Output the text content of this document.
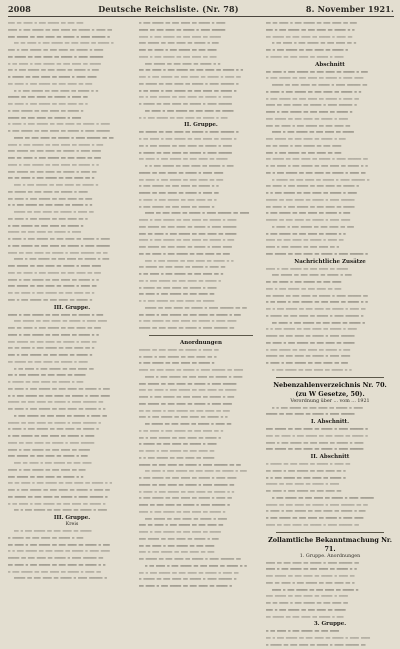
2008	Deutsche Reichsliste. (Nr. 78)	8. November 1921.
▬▬▬ ▬▬ ▬▬▬▬ ▬ ▬▬▬ ▬▬▬▬▬ ▬▬ ▬▬▬ ▬▬▬
▬▬▬▬ ▬ ▬▬▬ ▬▬▬▬▬ ▬▬ ▬▬▬ ▬▬▬▬ ▬▬ ▬▬▬▬▬ ▬ ▬▬▬▬ ▬▬
▬▬▬ ▬▬▬▬▬ ▬▬ ▬▬▬ ▬▬▬▬ ▬▬ ▬▬▬▬▬ ▬ ▬▬▬▬ ▬▬▬▬▬▬ ▬
▬▬ ▬▬ ▬▬▬▬ ▬ ▬▬▬ ▬▬▬▬▬ ▬▬ ▬▬▬ ▬▬▬▬ ▬▬ ▬▬▬▬▬ ▬
▬▬▬ ▬ ▬▬▬ ▬▬▬▬▬ ▬▬ ▬▬▬ ▬▬▬▬ ▬▬ ▬▬▬▬▬ ▬ ▬▬▬▬
▬▬ ▬▬▬▬▬ ▬▬ ▬▬▬ ▬▬▬▬ ▬▬ ▬▬▬▬▬ ▬ ▬▬▬▬ ▬▬▬▬▬▬
▬ ▬▬ ▬▬▬▬ ▬ ▬▬▬ ▬▬▬▬▬ ▬▬ ▬▬▬ ▬▬▬▬ ▬▬ ▬▬▬▬▬
▬▬ ▬ ▬▬▬ ▬▬▬▬▬ ▬▬ ▬▬▬ ▬▬▬▬ ▬▬ ▬▬▬▬▬ ▬ ▬▬▬
▬ ▬▬▬▬▬ ▬▬ ▬▬▬ ▬▬▬▬ ▬▬ ▬▬▬▬▬ ▬ ▬▬▬▬ ▬▬▬▬
▬▬ ▬▬▬▬ ▬ ▬▬▬ ▬▬▬▬▬ ▬▬ ▬▬▬ ▬▬▬▬ ▬▬ ▬▬▬
▬ ▬ ▬▬▬ ▬▬▬▬▬ ▬▬ ▬▬▬ ▬▬▬▬ ▬▬ ▬▬▬▬▬ ▬ ▬
▬▬▬▬▬ ▬▬ ▬▬▬ ▬▬▬▬ ▬▬ ▬▬▬▬▬ ▬ ▬▬▬▬ ▬▬
▬▬ ▬▬▬▬ ▬ ▬▬▬ ▬▬▬▬▬ ▬▬ ▬▬▬ ▬▬▬▬ ▬▬ ▬
▬ ▬▬▬ ▬▬▬▬▬ ▬▬ ▬▬▬ ▬▬▬▬ ▬▬ ▬▬▬▬▬ ▬
▬▬▬▬▬ ▬▬ ▬▬▬ ▬▬▬▬ ▬▬ ▬▬▬▬▬ ▬ ▬▬▬▬
▬ ▬▬▬▬ ▬ ▬▬▬ ▬▬▬▬▬ ▬▬ ▬▬▬ ▬▬▬▬ ▬▬ ▬▬▬▬▬ ▬ ▬▬▬▬
▬ ▬▬▬ ▬▬▬▬▬ ▬▬ ▬▬▬ ▬▬▬▬ ▬▬ ▬▬▬▬▬ ▬ ▬▬▬▬ ▬▬▬▬▬▬
▬▬▬▬ ▬▬ ▬▬▬ ▬▬▬▬ ▬▬ ▬▬▬▬▬ ▬ ▬▬▬▬ ▬▬▬▬▬▬ ▬▬ ▬▬
▬▬▬▬ ▬ ▬▬▬ ▬▬▬▬▬ ▬▬ ▬▬▬ ▬▬▬▬ ▬▬ ▬▬▬▬▬ ▬ ▬▬▬
▬▬▬ ▬▬▬▬▬ ▬▬ ▬▬▬ ▬▬▬▬ ▬▬ ▬▬▬▬▬ ▬ ▬▬▬▬ ▬▬▬▬
▬▬▬ ▬▬ ▬▬▬▬ ▬ ▬▬▬ ▬▬▬▬▬ ▬▬ ▬▬▬ ▬▬▬▬ ▬▬ ▬▬▬
▬▬▬▬ ▬ ▬▬▬ ▬▬▬▬▬ ▬▬ ▬▬▬ ▬▬▬▬ ▬▬ ▬▬▬▬▬ ▬ ▬
▬▬▬ ▬▬▬▬▬ ▬▬ ▬▬▬ ▬▬▬▬ ▬▬ ▬▬▬▬▬ ▬ ▬▬▬▬ ▬▬
▬▬ ▬▬ ▬▬▬▬ ▬ ▬▬▬ ▬▬▬▬▬ ▬▬ ▬▬▬ ▬▬▬▬ ▬▬ ▬
▬▬▬ ▬ ▬▬▬ ▬▬▬▬▬ ▬▬ ▬▬▬ ▬▬▬▬ ▬▬ ▬▬▬▬▬ ▬
▬▬ ▬▬▬▬▬ ▬▬ ▬▬▬ ▬▬▬▬ ▬▬ ▬▬▬▬▬ ▬ ▬▬▬▬
▬▬ ▬▬▬▬ ▬ ▬▬▬ ▬▬▬▬▬ ▬▬ ▬▬▬ ▬▬▬▬ ▬▬ ▬▬▬
▬ ▬ ▬▬▬ ▬▬▬▬▬ ▬▬ ▬▬▬ ▬▬▬▬ ▬▬ ▬▬▬▬▬ ▬ ▬
▬▬▬▬▬ ▬▬ ▬▬▬ ▬▬▬▬ ▬▬ ▬▬▬▬▬ ▬ ▬▬▬▬ ▬▬
▬▬ ▬▬▬▬ ▬ ▬▬▬ ▬▬▬▬▬ ▬▬ ▬▬▬ ▬▬▬▬ ▬▬ ▬
▬ ▬▬▬ ▬▬▬▬▬ ▬▬ ▬▬▬ ▬▬▬▬ ▬▬ ▬▬▬▬▬ ▬
▬▬▬▬▬ ▬▬ ▬▬▬ ▬▬▬▬ ▬▬ ▬▬▬▬▬ ▬ ▬▬▬▬
▬ ▬▬▬▬ ▬ ▬▬▬ ▬▬▬▬▬ ▬▬ ▬▬▬ ▬▬▬▬ ▬▬ ▬▬▬▬▬ ▬ ▬▬▬▬
▬ ▬▬▬ ▬▬▬▬▬ ▬▬ ▬▬▬ ▬▬▬▬ ▬▬ ▬▬▬▬▬ ▬ ▬▬▬▬ ▬▬▬▬▬▬
▬▬▬▬ ▬▬ ▬▬▬ ▬▬▬▬ ▬▬ ▬▬▬▬▬ ▬ ▬▬▬▬ ▬▬▬▬▬▬ ▬▬ ▬▬
▬▬▬▬ ▬ ▬▬▬ ▬▬▬▬▬ ▬▬ ▬▬▬ ▬▬▬▬ ▬▬ ▬▬▬▬▬ ▬ ▬▬▬
▬▬▬ ▬▬▬▬▬ ▬▬ ▬▬▬ ▬▬▬▬ ▬▬ ▬▬▬▬▬ ▬ ▬▬▬▬ ▬▬▬▬
▬▬▬ ▬▬ ▬▬▬▬ ▬ ▬▬▬ ▬▬▬▬▬ ▬▬ ▬▬▬ ▬▬▬▬ ▬▬ ▬▬▬
▬▬▬▬ ▬ ▬▬▬ ▬▬▬▬▬ ▬▬ ▬▬▬ ▬▬▬▬ ▬▬ ▬▬▬▬▬ ▬ ▬
▬▬▬ ▬▬▬▬▬ ▬▬ ▬▬▬ ▬▬▬▬ ▬▬ ▬▬▬▬▬ ▬ ▬▬▬▬ ▬▬
▬▬ ▬▬ ▬▬▬▬ ▬ ▬▬▬ ▬▬▬▬▬ ▬▬ ▬▬▬ ▬▬▬▬ ▬▬ ▬
▬▬▬ ▬ ▬▬▬ ▬▬▬▬▬ ▬▬ ▬▬▬ ▬▬▬▬ ▬▬ ▬▬▬▬▬ ▬
III. Gruppe.
▬▬▬▬ ▬ ▬▬▬ ▬▬▬▬▬ ▬▬ ▬▬▬ ▬▬▬▬ ▬▬ ▬▬▬▬▬ ▬ ▬▬▬
▬▬▬ ▬▬▬▬▬ ▬▬ ▬▬▬ ▬▬▬▬ ▬▬ ▬▬▬▬▬ ▬ ▬▬▬▬ ▬▬▬▬
▬▬▬ ▬▬ ▬▬▬▬ ▬ ▬▬▬ ▬▬▬▬▬ ▬▬ ▬▬▬ ▬▬▬▬ ▬▬ ▬▬▬
▬▬▬▬ ▬ ▬▬▬ ▬▬▬▬▬ ▬▬ ▬▬▬ ▬▬▬▬ ▬▬ ▬▬▬▬▬ ▬ ▬
▬▬▬ ▬▬▬▬▬ ▬▬ ▬▬▬ ▬▬▬▬ ▬▬ ▬▬▬▬▬ ▬ ▬▬▬▬ ▬▬
▬▬ ▬▬ ▬▬▬▬ ▬ ▬▬▬ ▬▬▬▬▬ ▬▬ ▬▬▬ ▬▬▬▬ ▬▬ ▬
▬▬▬ ▬ ▬▬▬ ▬▬▬▬▬ ▬▬ ▬▬▬ ▬▬▬▬ ▬▬ ▬▬▬▬▬ ▬
▬▬ ▬▬▬▬▬ ▬▬ ▬▬▬ ▬▬▬▬ ▬▬ ▬▬▬▬▬ ▬ ▬▬▬▬
▬ ▬▬ ▬▬▬▬ ▬ ▬▬▬ ▬▬▬▬▬ ▬▬ ▬▬▬ ▬▬▬▬ ▬▬
▬▬ ▬ ▬▬▬ ▬▬▬▬▬ ▬▬ ▬▬▬ ▬▬▬▬ ▬▬ ▬▬▬▬▬
▬ ▬▬▬▬▬ ▬▬ ▬▬▬ ▬▬▬▬ ▬▬ ▬▬▬▬▬ ▬ ▬▬▬
▬▬ ▬▬▬▬ ▬ ▬▬▬ ▬▬▬▬▬ ▬▬ ▬▬▬ ▬▬▬▬ ▬▬ ▬▬▬▬▬ ▬ ▬▬▬
▬ ▬ ▬▬▬ ▬▬▬▬▬ ▬▬ ▬▬▬ ▬▬▬▬ ▬▬ ▬▬▬▬▬ ▬ ▬▬▬▬ ▬▬▬▬
▬▬▬▬▬ ▬▬ ▬▬▬ ▬▬▬▬ ▬▬ ▬▬▬▬▬ ▬ ▬▬▬▬ ▬▬▬▬▬▬ ▬▬
▬▬ ▬▬▬▬ ▬ ▬▬▬ ▬▬▬▬▬ ▬▬ ▬▬▬ ▬▬▬▬ ▬▬ ▬▬▬▬▬ ▬ ▬
▬ ▬▬▬ ▬▬▬▬▬ ▬▬ ▬▬▬ ▬▬▬▬ ▬▬ ▬▬▬▬▬ ▬ ▬▬▬▬ ▬▬
▬▬▬▬▬ ▬▬ ▬▬▬ ▬▬▬▬ ▬▬ ▬▬▬▬▬ ▬ ▬▬▬▬ ▬▬▬▬▬▬ ▬
▬ ▬▬▬▬ ▬ ▬▬▬ ▬▬▬▬▬ ▬▬ ▬▬▬ ▬▬▬▬ ▬▬ ▬▬▬▬▬ ▬
▬ ▬▬▬ ▬▬▬▬▬ ▬▬ ▬▬▬ ▬▬▬▬ ▬▬ ▬▬▬▬▬ ▬ ▬▬▬▬
▬▬▬▬ ▬▬ ▬▬▬ ▬▬▬▬ ▬▬ ▬▬▬▬▬ ▬ ▬▬▬▬ ▬▬▬▬▬▬
▬▬▬▬ ▬ ▬▬▬ ▬▬▬▬▬ ▬▬ ▬▬▬ ▬▬▬▬ ▬▬ ▬▬▬▬▬
▬▬▬ ▬▬▬▬▬ ▬▬ ▬▬▬ ▬▬▬▬ ▬▬ ▬▬▬▬▬ ▬ ▬▬▬
▬▬▬ ▬▬ ▬▬▬▬ ▬ ▬▬▬ ▬▬▬▬▬ ▬▬ ▬▬▬ ▬▬▬▬
▬▬▬▬ ▬ ▬▬▬ ▬▬▬▬▬ ▬▬ ▬▬▬ ▬▬▬▬ ▬▬ ▬▬▬
▬▬▬ ▬▬▬▬▬ ▬▬ ▬▬▬ ▬▬▬▬ ▬▬ ▬▬▬▬▬ ▬ ▬
▬▬ ▬▬ ▬▬▬▬ ▬ ▬▬▬ ▬▬▬▬▬ ▬▬ ▬▬▬ ▬▬▬▬ ▬▬ ▬▬▬▬▬ ▬ ▬
▬▬▬ ▬ ▬▬▬ ▬▬▬▬▬ ▬▬ ▬▬▬ ▬▬▬▬ ▬▬ ▬▬▬▬▬ ▬ ▬▬▬▬ ▬▬
▬▬ ▬▬▬▬▬ ▬▬ ▬▬▬ ▬▬▬▬ ▬▬ ▬▬▬▬▬ ▬ ▬▬▬▬ ▬▬▬▬▬▬ ▬
▬ ▬▬ ▬▬▬▬ ▬ ▬▬▬ ▬▬▬▬▬ ▬▬ ▬▬▬ ▬▬▬▬ ▬▬ ▬▬▬▬▬ ▬
▬▬ ▬ ▬▬▬ ▬▬▬▬▬ ▬▬ ▬▬▬ ▬▬▬▬ ▬▬ ▬▬▬▬▬ ▬ ▬▬▬▬
III. Gruppe.
Kreis
▬▬ ▬ ▬▬▬ ▬▬▬▬▬ ▬▬ ▬▬▬ ▬▬▬▬ ▬▬ ▬▬▬▬▬
▬ ▬▬▬▬▬ ▬▬ ▬▬▬ ▬▬▬▬ ▬▬ ▬▬▬▬▬ ▬ ▬▬▬
▬▬ ▬▬▬▬ ▬ ▬▬▬ ▬▬▬▬▬ ▬▬ ▬▬▬ ▬▬▬▬ ▬▬ ▬▬▬▬▬ ▬ ▬▬▬
▬ ▬ ▬▬▬ ▬▬▬▬▬ ▬▬ ▬▬▬ ▬▬▬▬ ▬▬ ▬▬▬▬▬ ▬ ▬▬▬▬ ▬▬▬▬
▬▬▬▬▬ ▬▬ ▬▬▬ ▬▬▬▬ ▬▬ ▬▬▬▬▬ ▬ ▬▬▬▬ ▬▬▬▬▬▬ ▬▬
▬▬ ▬▬▬▬ ▬ ▬▬▬ ▬▬▬▬▬ ▬▬ ▬▬▬ ▬▬▬▬ ▬▬ ▬▬▬▬▬ ▬ ▬
▬ ▬▬▬ ▬▬▬▬▬ ▬▬ ▬▬▬ ▬▬▬▬ ▬▬ ▬▬▬▬▬ ▬ ▬▬▬▬ ▬▬
▬▬▬▬▬ ▬▬ ▬▬▬ ▬▬▬▬ ▬▬ ▬▬▬▬▬ ▬ ▬▬▬▬ ▬▬▬▬▬▬ ▬
▬ ▬▬▬ ▬▬▬▬▬ ▬▬ ▬▬▬ ▬▬▬▬ ▬▬ ▬▬▬▬▬ ▬ ▬▬▬▬
▬▬▬▬ ▬▬ ▬▬▬ ▬▬▬▬ ▬▬ ▬▬▬▬▬ ▬ ▬▬▬▬ ▬▬▬▬▬▬
▬▬▬▬ ▬ ▬▬▬ ▬▬▬▬▬ ▬▬ ▬▬▬ ▬▬▬▬ ▬▬ ▬▬▬▬▬
▬▬▬ ▬▬▬▬▬ ▬▬ ▬▬▬ ▬▬▬▬ ▬▬ ▬▬▬▬▬ ▬ ▬▬▬
▬▬▬ ▬▬ ▬▬▬▬ ▬ ▬▬▬ ▬▬▬▬▬ ▬▬ ▬▬▬ ▬▬▬▬
▬▬▬▬ ▬ ▬▬▬ ▬▬▬▬▬ ▬▬ ▬▬▬ ▬▬▬▬ ▬▬ ▬▬▬
▬▬▬ ▬▬▬▬▬ ▬▬ ▬▬▬ ▬▬▬▬ ▬▬ ▬▬▬▬▬ ▬ ▬
▬▬ ▬▬ ▬▬▬▬ ▬ ▬▬▬ ▬▬▬▬▬ ▬▬ ▬▬▬ ▬▬▬▬ ▬▬ ▬▬▬▬▬ ▬ ▬
▬▬▬ ▬ ▬▬▬ ▬▬▬▬▬ ▬▬ ▬▬▬ ▬▬▬▬ ▬▬ ▬▬▬▬▬ ▬ ▬▬▬▬ ▬▬
▬▬ ▬▬▬▬▬ ▬▬ ▬▬▬ ▬▬▬▬ ▬▬ ▬▬▬▬▬ ▬ ▬▬▬▬ ▬▬▬▬▬▬ ▬
▬ ▬▬ ▬▬▬▬ ▬ ▬▬▬ ▬▬▬▬▬ ▬▬ ▬▬▬ ▬▬▬▬ ▬▬ ▬▬▬▬▬ ▬
▬▬ ▬ ▬▬▬ ▬▬▬▬▬ ▬▬ ▬▬▬ ▬▬▬▬ ▬▬ ▬▬▬▬▬ ▬ ▬▬▬▬
▬ ▬▬▬▬▬ ▬▬ ▬▬▬ ▬▬▬▬ ▬▬ ▬▬▬▬▬ ▬ ▬▬▬▬ ▬▬▬▬▬▬
▬▬ ▬▬▬▬ ▬ ▬▬▬ ▬▬▬▬▬ ▬▬ ▬▬▬ ▬▬▬▬ ▬▬ ▬▬▬▬▬
▬ ▬ ▬▬▬ ▬▬▬▬▬ ▬▬ ▬▬▬ ▬▬▬▬ ▬▬ ▬▬▬▬▬ ▬ ▬▬▬
II. Gruppe.
▬▬ ▬▬▬▬▬ ▬▬ ▬▬▬ ▬▬▬▬ ▬▬ ▬▬▬▬▬ ▬ ▬▬▬▬ ▬▬▬▬▬▬ ▬
▬ ▬▬ ▬▬▬▬ ▬ ▬▬▬ ▬▬▬▬▬ ▬▬ ▬▬▬ ▬▬▬▬ ▬▬ ▬▬▬▬▬ ▬
▬▬ ▬ ▬▬▬ ▬▬▬▬▬ ▬▬ ▬▬▬ ▬▬▬▬ ▬▬ ▬▬▬▬▬ ▬ ▬▬▬▬
▬ ▬▬▬▬▬ ▬▬ ▬▬▬ ▬▬▬▬ ▬▬ ▬▬▬▬▬ ▬ ▬▬▬▬ ▬▬▬▬▬▬
▬▬ ▬▬▬▬ ▬ ▬▬▬ ▬▬▬▬▬ ▬▬ ▬▬▬ ▬▬▬▬ ▬▬ ▬▬▬▬▬
▬ ▬ ▬▬▬ ▬▬▬▬▬ ▬▬ ▬▬▬ ▬▬▬▬ ▬▬ ▬▬▬▬▬ ▬ ▬▬▬
▬▬▬▬▬ ▬▬ ▬▬▬ ▬▬▬▬ ▬▬ ▬▬▬▬▬ ▬ ▬▬▬▬ ▬▬▬▬
▬▬ ▬▬▬▬ ▬ ▬▬▬ ▬▬▬▬▬ ▬▬ ▬▬▬ ▬▬▬▬ ▬▬ ▬▬▬
▬ ▬▬▬ ▬▬▬▬▬ ▬▬ ▬▬▬ ▬▬▬▬ ▬▬ ▬▬▬▬▬ ▬ ▬
▬▬▬▬▬ ▬▬ ▬▬▬ ▬▬▬▬ ▬▬ ▬▬▬▬▬ ▬ ▬▬▬▬ ▬▬
▬ ▬▬▬▬ ▬ ▬▬▬ ▬▬▬▬▬ ▬▬ ▬▬▬ ▬▬▬▬ ▬▬ ▬
▬ ▬▬▬ ▬▬▬▬▬ ▬▬ ▬▬▬ ▬▬▬▬ ▬▬ ▬▬▬▬▬ ▬
▬▬▬▬ ▬▬ ▬▬▬ ▬▬▬▬ ▬▬ ▬▬▬▬▬ ▬ ▬▬▬▬ ▬▬▬▬▬▬ ▬▬ ▬▬▬▬
▬▬▬▬ ▬ ▬▬▬ ▬▬▬▬▬ ▬▬ ▬▬▬ ▬▬▬▬ ▬▬ ▬▬▬▬▬ ▬ ▬▬▬▬
▬▬▬ ▬▬▬▬▬ ▬▬ ▬▬▬ ▬▬▬▬ ▬▬ ▬▬▬▬▬ ▬ ▬▬▬▬ ▬▬▬▬▬▬
▬▬▬ ▬▬ ▬▬▬▬ ▬ ▬▬▬ ▬▬▬▬▬ ▬▬ ▬▬▬ ▬▬▬▬ ▬▬ ▬▬▬▬▬
▬▬▬▬ ▬ ▬▬▬ ▬▬▬▬▬ ▬▬ ▬▬▬ ▬▬▬▬ ▬▬ ▬▬▬▬▬ ▬ ▬▬▬
▬▬▬ ▬▬▬▬▬ ▬▬ ▬▬▬ ▬▬▬▬ ▬▬ ▬▬▬▬▬ ▬ ▬▬▬▬ ▬▬▬▬
▬▬ ▬▬ ▬▬▬▬ ▬ ▬▬▬ ▬▬▬▬▬ ▬▬ ▬▬▬ ▬▬▬▬ ▬▬ ▬▬▬
▬▬▬ ▬ ▬▬▬ ▬▬▬▬▬ ▬▬ ▬▬▬ ▬▬▬▬ ▬▬ ▬▬▬▬▬ ▬ ▬
▬▬ ▬▬▬▬▬ ▬▬ ▬▬▬ ▬▬▬▬ ▬▬ ▬▬▬▬▬ ▬ ▬▬▬▬ ▬▬
▬ ▬▬ ▬▬▬▬ ▬ ▬▬▬ ▬▬▬▬▬ ▬▬ ▬▬▬ ▬▬▬▬ ▬▬ ▬
▬▬ ▬ ▬▬▬ ▬▬▬▬▬ ▬▬ ▬▬▬ ▬▬▬▬ ▬▬ ▬▬▬▬▬ ▬
▬ ▬▬▬▬▬ ▬▬ ▬▬▬ ▬▬▬▬ ▬▬ ▬▬▬▬▬ ▬ ▬▬▬▬
▬▬ ▬▬▬▬ ▬ ▬▬▬ ▬▬▬▬▬ ▬▬ ▬▬▬ ▬▬▬▬ ▬▬
▬ ▬ ▬▬▬ ▬▬▬▬▬ ▬▬ ▬▬▬ ▬▬▬▬ ▬▬ ▬▬▬▬▬
▬▬▬▬▬ ▬▬ ▬▬▬ ▬▬▬▬ ▬▬ ▬▬▬▬▬ ▬ ▬▬▬▬ ▬▬▬▬▬▬ ▬▬ ▬▬
▬▬ ▬▬▬▬ ▬ ▬▬▬ ▬▬▬▬▬ ▬▬ ▬▬▬ ▬▬▬▬ ▬▬ ▬▬▬▬▬ ▬ ▬▬▬
▬ ▬▬▬ ▬▬▬▬▬ ▬▬ ▬▬▬ ▬▬▬▬ ▬▬ ▬▬▬▬▬ ▬ ▬▬▬▬ ▬▬▬▬
▬▬▬▬▬ ▬▬ ▬▬▬ ▬▬▬▬ ▬▬ ▬▬▬▬▬ ▬ ▬▬▬▬ ▬▬▬▬▬▬ ▬▬
Anordnungen
▬▬▬▬▬ ▬▬ ▬▬▬ ▬▬▬▬ ▬▬ ▬▬▬▬▬ ▬ ▬▬▬▬ ▬▬
▬ ▬▬▬▬ ▬ ▬▬▬ ▬▬▬▬▬ ▬▬ ▬▬▬ ▬▬▬▬ ▬▬ ▬
▬ ▬▬▬ ▬▬▬▬▬ ▬▬ ▬▬▬ ▬▬▬▬ ▬▬ ▬▬▬▬▬ ▬
▬▬▬▬ ▬▬ ▬▬▬ ▬▬▬▬ ▬▬ ▬▬▬▬▬ ▬ ▬▬▬▬ ▬▬▬▬▬▬ ▬▬ ▬▬▬▬
▬▬▬▬ ▬ ▬▬▬ ▬▬▬▬▬ ▬▬ ▬▬▬ ▬▬▬▬ ▬▬ ▬▬▬▬▬ ▬ ▬▬▬▬
▬▬▬ ▬▬▬▬▬ ▬▬ ▬▬▬ ▬▬▬▬ ▬▬ ▬▬▬▬▬ ▬ ▬▬▬▬ ▬▬▬▬▬▬
▬▬▬ ▬▬ ▬▬▬▬ ▬ ▬▬▬ ▬▬▬▬▬ ▬▬ ▬▬▬ ▬▬▬▬ ▬▬ ▬▬▬▬▬
▬▬▬▬ ▬ ▬▬▬ ▬▬▬▬▬ ▬▬ ▬▬▬ ▬▬▬▬ ▬▬ ▬▬▬▬▬ ▬ ▬▬▬
▬▬▬ ▬▬▬▬▬ ▬▬ ▬▬▬ ▬▬▬▬ ▬▬ ▬▬▬▬▬ ▬ ▬▬▬▬ ▬▬▬▬
▬▬ ▬▬ ▬▬▬▬ ▬ ▬▬▬ ▬▬▬▬▬ ▬▬ ▬▬▬ ▬▬▬▬ ▬▬ ▬▬▬
▬▬▬ ▬ ▬▬▬ ▬▬▬▬▬ ▬▬ ▬▬▬ ▬▬▬▬ ▬▬ ▬▬▬▬▬ ▬ ▬
▬▬ ▬▬▬▬▬ ▬▬ ▬▬▬ ▬▬▬▬ ▬▬ ▬▬▬▬▬ ▬ ▬▬▬▬ ▬▬
▬ ▬▬ ▬▬▬▬ ▬ ▬▬▬ ▬▬▬▬▬ ▬▬ ▬▬▬ ▬▬▬▬ ▬▬ ▬
▬▬ ▬ ▬▬▬ ▬▬▬▬▬ ▬▬ ▬▬▬ ▬▬▬▬ ▬▬ ▬▬▬▬▬ ▬
▬ ▬▬▬▬▬ ▬▬ ▬▬▬ ▬▬▬▬ ▬▬ ▬▬▬▬▬ ▬ ▬▬▬▬
▬▬ ▬▬▬▬ ▬ ▬▬▬ ▬▬▬▬▬ ▬▬ ▬▬▬ ▬▬▬▬ ▬▬
▬ ▬ ▬▬▬ ▬▬▬▬▬ ▬▬ ▬▬▬ ▬▬▬▬ ▬▬ ▬▬▬▬▬
▬▬▬▬▬ ▬▬ ▬▬▬ ▬▬▬▬ ▬▬ ▬▬▬▬▬ ▬ ▬▬▬▬ ▬▬▬▬▬▬ ▬▬ ▬▬
▬▬ ▬▬▬▬ ▬ ▬▬▬ ▬▬▬▬▬ ▬▬ ▬▬▬ ▬▬▬▬ ▬▬ ▬▬▬▬▬ ▬ ▬▬▬
▬ ▬▬▬ ▬▬▬▬▬ ▬▬ ▬▬▬ ▬▬▬▬ ▬▬ ▬▬▬▬▬ ▬ ▬▬▬▬ ▬▬▬▬
▬▬▬▬▬ ▬▬ ▬▬▬ ▬▬▬▬ ▬▬ ▬▬▬▬▬ ▬ ▬▬▬▬ ▬▬▬▬▬▬ ▬▬
▬ ▬▬▬▬ ▬ ▬▬▬ ▬▬▬▬▬ ▬▬ ▬▬▬ ▬▬▬▬ ▬▬ ▬▬▬▬▬ ▬ ▬
▬ ▬▬▬ ▬▬▬▬▬ ▬▬ ▬▬▬ ▬▬▬▬ ▬▬ ▬▬▬▬▬ ▬ ▬▬▬▬ ▬▬
▬▬▬▬ ▬▬ ▬▬▬ ▬▬▬▬ ▬▬ ▬▬▬▬▬ ▬ ▬▬▬▬ ▬▬▬▬▬▬ ▬
▬▬▬▬ ▬ ▬▬▬ ▬▬▬▬▬ ▬▬ ▬▬▬ ▬▬▬▬ ▬▬ ▬▬▬▬▬ ▬
▬▬▬ ▬▬▬▬▬ ▬▬ ▬▬▬ ▬▬▬▬ ▬▬ ▬▬▬▬▬ ▬ ▬▬▬▬
▬▬▬ ▬▬ ▬▬▬▬ ▬ ▬▬▬ ▬▬▬▬▬ ▬▬ ▬▬▬ ▬▬▬▬ ▬▬
▬▬▬▬ ▬ ▬▬▬ ▬▬▬▬▬ ▬▬ ▬▬▬ ▬▬▬▬ ▬▬ ▬▬▬▬▬
▬▬▬ ▬▬▬▬▬ ▬▬ ▬▬▬ ▬▬▬▬ ▬▬ ▬▬▬▬▬ ▬ ▬▬▬
▬▬ ▬▬ ▬▬▬▬ ▬ ▬▬▬ ▬▬▬▬▬ ▬▬ ▬▬▬ ▬▬▬▬
▬▬▬ ▬ ▬▬▬ ▬▬▬▬▬ ▬▬ ▬▬▬ ▬▬▬▬ ▬▬ ▬▬▬
▬▬ ▬▬▬▬▬ ▬▬ ▬▬▬ ▬▬▬▬ ▬▬ ▬▬▬▬▬ ▬ ▬▬▬▬ ▬▬▬▬▬▬ ▬▬
▬ ▬▬ ▬▬▬▬ ▬ ▬▬▬ ▬▬▬▬▬ ▬▬ ▬▬▬ ▬▬▬▬ ▬▬ ▬▬▬▬▬ ▬ ▬
▬▬ ▬ ▬▬▬ ▬▬▬▬▬ ▬▬ ▬▬▬ ▬▬▬▬ ▬▬ ▬▬▬▬▬ ▬ ▬▬▬▬ ▬▬
▬ ▬▬▬▬▬ ▬▬ ▬▬▬ ▬▬▬▬ ▬▬ ▬▬▬▬▬ ▬ ▬▬▬▬ ▬▬▬▬▬▬ ▬
▬▬ ▬▬▬▬ ▬ ▬▬▬ ▬▬▬▬▬ ▬▬ ▬▬▬ ▬▬▬▬ ▬▬ ▬▬▬▬▬ ▬
▬▬ ▬▬ ▬▬▬▬ ▬ ▬▬▬ ▬▬▬▬▬ ▬▬ ▬▬▬ ▬▬▬▬ ▬▬ ▬▬▬
▬▬▬ ▬ ▬▬▬ ▬▬▬▬▬ ▬▬ ▬▬▬ ▬▬▬▬ ▬▬ ▬▬▬▬▬ ▬ ▬
▬▬ ▬▬▬▬▬ ▬▬ ▬▬▬ ▬▬▬▬ ▬▬ ▬▬▬▬▬ ▬ ▬▬▬▬ ▬▬
▬ ▬▬ ▬▬▬▬ ▬ ▬▬▬ ▬▬▬▬▬ ▬▬ ▬▬▬ ▬▬▬▬ ▬▬ ▬
▬▬ ▬ ▬▬▬ ▬▬▬▬▬ ▬▬ ▬▬▬ ▬▬▬▬ ▬▬ ▬▬▬▬▬ ▬
▬ ▬▬▬▬▬ ▬▬ ▬▬▬ ▬▬▬▬ ▬▬ ▬▬▬▬▬ ▬ ▬▬▬▬
Abschnitt
▬▬ ▬▬▬▬ ▬ ▬▬▬ ▬▬▬▬▬ ▬▬ ▬▬▬ ▬▬▬▬ ▬▬ ▬▬▬▬▬ ▬ ▬▬▬
▬ ▬▬▬ ▬▬▬▬▬ ▬▬ ▬▬▬ ▬▬▬▬ ▬▬ ▬▬▬▬▬ ▬ ▬▬▬▬ ▬▬▬▬
▬▬▬▬▬ ▬▬ ▬▬▬ ▬▬▬▬ ▬▬ ▬▬▬▬▬ ▬ ▬▬▬▬ ▬▬▬▬▬▬ ▬▬
▬ ▬▬▬▬ ▬ ▬▬▬ ▬▬▬▬▬ ▬▬ ▬▬▬ ▬▬▬▬ ▬▬ ▬▬▬▬▬ ▬ ▬
▬ ▬▬▬ ▬▬▬▬▬ ▬▬ ▬▬▬ ▬▬▬▬ ▬▬ ▬▬▬▬▬ ▬ ▬▬▬▬ ▬▬
▬▬▬▬ ▬▬ ▬▬▬ ▬▬▬▬ ▬▬ ▬▬▬▬▬ ▬ ▬▬▬▬ ▬▬▬▬▬▬ ▬
▬▬▬▬ ▬ ▬▬▬ ▬▬▬▬▬ ▬▬ ▬▬▬ ▬▬▬▬ ▬▬ ▬▬▬▬▬ ▬
▬▬▬ ▬▬▬▬▬ ▬▬ ▬▬▬ ▬▬▬▬ ▬▬ ▬▬▬▬▬ ▬ ▬▬▬▬
▬▬▬ ▬▬ ▬▬▬▬ ▬ ▬▬▬ ▬▬▬▬▬ ▬▬ ▬▬▬ ▬▬▬▬ ▬▬
▬▬▬▬ ▬ ▬▬▬ ▬▬▬▬▬ ▬▬ ▬▬▬ ▬▬▬▬ ▬▬ ▬▬▬▬▬
▬▬▬ ▬▬▬▬▬ ▬▬ ▬▬▬ ▬▬▬▬ ▬▬ ▬▬▬▬▬ ▬ ▬▬▬
▬▬ ▬▬ ▬▬▬▬ ▬ ▬▬▬ ▬▬▬▬▬ ▬▬ ▬▬▬ ▬▬▬▬
▬▬▬ ▬ ▬▬▬ ▬▬▬▬▬ ▬▬ ▬▬▬ ▬▬▬▬ ▬▬ ▬▬▬
▬▬ ▬▬▬▬▬ ▬▬ ▬▬▬ ▬▬▬▬ ▬▬ ▬▬▬▬▬ ▬ ▬▬▬▬ ▬▬▬▬▬▬ ▬▬
▬ ▬▬ ▬▬▬▬ ▬ ▬▬▬ ▬▬▬▬▬ ▬▬ ▬▬▬ ▬▬▬▬ ▬▬ ▬▬▬▬▬ ▬ ▬
▬▬ ▬ ▬▬▬ ▬▬▬▬▬ ▬▬ ▬▬▬ ▬▬▬▬ ▬▬ ▬▬▬▬▬ ▬ ▬▬▬▬ ▬▬
▬ ▬▬▬▬▬ ▬▬ ▬▬▬ ▬▬▬▬ ▬▬ ▬▬▬▬▬ ▬ ▬▬▬▬ ▬▬▬▬▬▬ ▬
▬▬ ▬▬▬▬ ▬ ▬▬▬ ▬▬▬▬▬ ▬▬ ▬▬▬ ▬▬▬▬ ▬▬ ▬▬▬▬▬ ▬
▬ ▬ ▬▬▬ ▬▬▬▬▬ ▬▬ ▬▬▬ ▬▬▬▬ ▬▬ ▬▬▬▬▬ ▬ ▬▬▬▬
▬▬▬▬▬ ▬▬ ▬▬▬ ▬▬▬▬ ▬▬ ▬▬▬▬▬ ▬ ▬▬▬▬ ▬▬▬▬▬▬
▬▬ ▬▬▬▬ ▬ ▬▬▬ ▬▬▬▬▬ ▬▬ ▬▬▬ ▬▬▬▬ ▬▬ ▬▬▬▬▬
▬ ▬▬▬ ▬▬▬▬▬ ▬▬ ▬▬▬ ▬▬▬▬ ▬▬ ▬▬▬▬▬ ▬ ▬▬▬
▬▬▬▬▬ ▬▬ ▬▬▬ ▬▬▬▬ ▬▬ ▬▬▬▬▬ ▬ ▬▬▬▬ ▬▬▬▬
▬ ▬▬▬▬ ▬ ▬▬▬ ▬▬▬▬▬ ▬▬ ▬▬▬ ▬▬▬▬ ▬▬ ▬▬▬
▬ ▬▬▬ ▬▬▬▬▬ ▬▬ ▬▬▬ ▬▬▬▬ ▬▬ ▬▬▬▬▬ ▬ ▬
▬▬▬▬ ▬▬ ▬▬▬ ▬▬▬▬ ▬▬ ▬▬▬▬▬ ▬ ▬▬▬▬ ▬▬
▬▬▬▬ ▬ ▬▬▬ ▬▬▬▬▬ ▬▬ ▬▬▬ ▬▬▬▬ ▬▬ ▬
▬▬▬ ▬▬▬▬▬ ▬▬ ▬▬▬ ▬▬▬▬ ▬▬ ▬▬▬▬▬ ▬ ▬▬▬▬ ▬▬▬▬▬▬ ▬
Nachrichtliche Zusätze
▬▬▬▬ ▬ ▬▬▬ ▬▬▬▬▬ ▬▬ ▬▬▬ ▬▬▬▬ ▬▬ ▬▬▬▬▬
▬▬▬ ▬▬▬▬▬ ▬▬ ▬▬▬ ▬▬▬▬ ▬▬ ▬▬▬▬▬ ▬ ▬▬▬
▬▬ ▬▬ ▬▬▬▬ ▬ ▬▬▬ ▬▬▬▬▬ ▬▬ ▬▬▬ ▬▬▬▬
▬▬▬ ▬ ▬▬▬ ▬▬▬▬▬ ▬▬ ▬▬▬ ▬▬▬▬ ▬▬ ▬▬▬
▬▬ ▬▬▬▬▬ ▬▬ ▬▬▬ ▬▬▬▬ ▬▬ ▬▬▬▬▬ ▬ ▬▬▬▬ ▬▬▬▬▬▬ ▬▬
▬ ▬▬ ▬▬▬▬ ▬ ▬▬▬ ▬▬▬▬▬ ▬▬ ▬▬▬ ▬▬▬▬ ▬▬ ▬▬▬▬▬ ▬ ▬
▬▬ ▬ ▬▬▬ ▬▬▬▬▬ ▬▬ ▬▬▬ ▬▬▬▬ ▬▬ ▬▬▬▬▬ ▬ ▬▬▬▬ ▬▬
▬ ▬▬▬▬▬ ▬▬ ▬▬▬ ▬▬▬▬ ▬▬ ▬▬▬▬▬ ▬ ▬▬▬▬ ▬▬▬▬▬▬ ▬
▬▬ ▬▬▬▬ ▬ ▬▬▬ ▬▬▬▬▬ ▬▬ ▬▬▬ ▬▬▬▬ ▬▬ ▬▬▬▬▬ ▬
▬ ▬ ▬▬▬ ▬▬▬▬▬ ▬▬ ▬▬▬ ▬▬▬▬ ▬▬ ▬▬▬▬▬ ▬ ▬▬▬▬
▬▬▬▬▬ ▬▬ ▬▬▬ ▬▬▬▬ ▬▬ ▬▬▬▬▬ ▬ ▬▬▬▬ ▬▬▬▬▬▬
▬▬ ▬▬▬▬ ▬ ▬▬▬ ▬▬▬▬▬ ▬▬ ▬▬▬ ▬▬▬▬ ▬▬ ▬▬▬▬▬
▬ ▬▬▬ ▬▬▬▬▬ ▬▬ ▬▬▬ ▬▬▬▬ ▬▬ ▬▬▬▬▬ ▬ ▬▬▬
▬▬▬▬▬ ▬▬ ▬▬▬ ▬▬▬▬ ▬▬ ▬▬▬▬▬ ▬ ▬▬▬▬ ▬▬▬▬
▬ ▬▬▬▬ ▬ ▬▬▬ ▬▬▬▬▬ ▬▬ ▬▬▬ ▬▬▬▬ ▬▬ ▬▬▬
▬ ▬▬▬ ▬▬▬▬▬ ▬▬ ▬▬▬ ▬▬▬▬ ▬▬ ▬▬▬▬▬ ▬ ▬
Nebenzahlenverzeichnis Nr. 70.
(zu W Gesetze, 50).
Verordnung über ... vom ... 1921
▬ ▬ ▬▬▬ ▬▬▬▬▬ ▬▬ ▬▬▬ ▬▬▬▬ ▬▬ ▬▬▬▬▬ ▬ ▬▬▬▬
▬▬▬▬▬ ▬▬ ▬▬▬ ▬▬▬▬ ▬▬ ▬▬▬▬▬ ▬ ▬▬▬▬ ▬▬▬▬▬▬
I. Abschnitt.
▬▬▬ ▬▬▬▬▬ ▬▬ ▬▬▬ ▬▬▬▬ ▬▬ ▬▬▬▬▬ ▬ ▬▬▬▬ ▬▬▬▬▬▬ ▬
▬▬▬ ▬▬ ▬▬▬▬ ▬ ▬▬▬ ▬▬▬▬▬ ▬▬ ▬▬▬ ▬▬▬▬ ▬▬ ▬▬▬▬▬ ▬
▬▬▬▬ ▬ ▬▬▬ ▬▬▬▬▬ ▬▬ ▬▬▬ ▬▬▬▬ ▬▬ ▬▬▬▬▬ ▬ ▬▬▬▬
▬▬▬ ▬▬▬▬▬ ▬▬ ▬▬▬ ▬▬▬▬ ▬▬ ▬▬▬▬▬ ▬ ▬▬▬▬ ▬▬▬▬▬▬
II. Abschnitt
▬ ▬▬▬▬▬ ▬▬ ▬▬▬ ▬▬▬▬ ▬▬ ▬▬▬▬▬ ▬ ▬▬▬▬ ▬▬
▬▬ ▬▬▬▬ ▬ ▬▬▬ ▬▬▬▬▬ ▬▬ ▬▬▬ ▬▬▬▬ ▬▬ ▬
▬ ▬ ▬▬▬ ▬▬▬▬▬ ▬▬ ▬▬▬ ▬▬▬▬ ▬▬ ▬▬▬▬▬ ▬
▬▬▬▬▬ ▬▬ ▬▬▬ ▬▬▬▬ ▬▬ ▬▬▬▬▬ ▬ ▬▬▬▬
▬▬ ▬▬▬▬ ▬ ▬▬▬ ▬▬▬▬▬ ▬▬ ▬▬▬ ▬▬▬▬ ▬▬
▬ ▬▬▬ ▬▬▬▬▬ ▬▬ ▬▬▬ ▬▬▬▬ ▬▬ ▬▬▬▬▬ ▬ ▬▬▬▬ ▬▬▬▬▬▬
▬▬▬▬▬ ▬▬ ▬▬▬ ▬▬▬▬ ▬▬ ▬▬▬▬▬ ▬ ▬▬▬▬ ▬▬▬▬▬▬ ▬▬ ▬▬
▬ ▬▬▬▬ ▬ ▬▬▬ ▬▬▬▬▬ ▬▬ ▬▬▬ ▬▬▬▬ ▬▬ ▬▬▬▬▬ ▬ ▬▬▬
▬ ▬▬▬ ▬▬▬▬▬ ▬▬ ▬▬▬ ▬▬▬▬ ▬▬ ▬▬▬▬▬ ▬ ▬▬▬▬ ▬▬▬▬
▬▬▬▬ ▬▬ ▬▬▬ ▬▬▬▬ ▬▬ ▬▬▬▬▬ ▬ ▬▬▬▬ ▬▬▬▬▬▬ ▬▬
Zollamtliche Bekanntmachung Nr. 71.
1. Gruppe. Anordnungen
▬▬▬▬ ▬▬ ▬▬▬ ▬▬▬▬ ▬▬ ▬▬▬▬▬ ▬ ▬▬▬▬ ▬▬▬▬▬▬ ▬▬
▬▬▬▬ ▬ ▬▬▬ ▬▬▬▬▬ ▬▬ ▬▬▬ ▬▬▬▬ ▬▬ ▬▬▬▬▬ ▬ ▬
▬▬▬ ▬▬▬▬▬ ▬▬ ▬▬▬ ▬▬▬▬ ▬▬ ▬▬▬▬▬ ▬ ▬▬▬▬ ▬▬
▬▬▬ ▬▬ ▬▬▬▬ ▬ ▬▬▬ ▬▬▬▬▬ ▬▬ ▬▬▬ ▬▬▬▬ ▬▬ ▬
▬▬▬▬ ▬ ▬▬▬ ▬▬▬▬▬ ▬▬ ▬▬▬ ▬▬▬▬ ▬▬ ▬▬▬▬▬ ▬
▬▬▬ ▬▬▬▬▬ ▬▬ ▬▬▬ ▬▬▬▬ ▬▬ ▬▬▬▬▬ ▬ ▬▬▬▬
▬▬ ▬▬ ▬▬▬▬ ▬ ▬▬▬ ▬▬▬▬▬ ▬▬ ▬▬▬ ▬▬▬▬ ▬▬
▬▬▬ ▬ ▬▬▬ ▬▬▬▬▬ ▬▬ ▬▬▬ ▬▬▬▬ ▬▬ ▬▬▬▬▬
▬▬ ▬▬▬▬▬ ▬▬ ▬▬▬ ▬▬▬▬ ▬▬ ▬▬▬▬▬ ▬ ▬▬▬
3. Gruppe.
▬ ▬▬ ▬▬▬▬ ▬ ▬▬▬ ▬▬▬▬▬ ▬▬ ▬▬▬ ▬▬▬▬
▬▬ ▬ ▬▬▬ ▬▬▬▬▬ ▬▬ ▬▬▬ ▬▬▬▬ ▬▬ ▬▬▬▬▬ ▬ ▬▬▬▬ ▬▬▬▬
▬ ▬▬▬▬▬ ▬▬ ▬▬▬ ▬▬▬▬ ▬▬ ▬▬▬▬▬ ▬ ▬▬▬▬ ▬▬▬▬▬▬ ▬▬
